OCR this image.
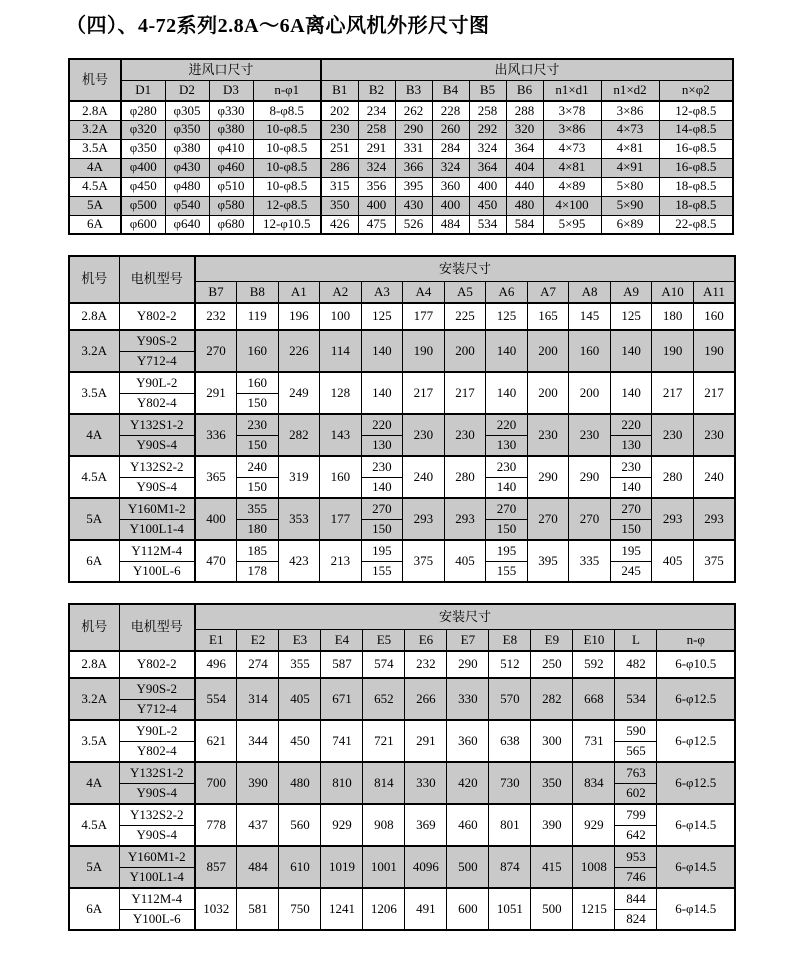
（四）、4-72系列2.8A～6A离心风机外形尺寸图
机号	进风口尺寸				出风口尺寸								
	D1	D2	D3	n-φ1	B1	B2	B3	B4	B5	B6	n1×d1	n1×d2	n×φ2
2.8A	φ280	φ305	φ330	8-φ8.5	202	234	262	228	258	288	3×78	3×86	12-φ8.5
3.2A	φ320	φ350	φ380	10-φ8.5	230	258	290	260	292	320	3×86	4×73	14-φ8.5
3.5A	φ350	φ380	φ410	10-φ8.5	251	291	331	284	324	364	4×73	4×81	16-φ8.5
4A	φ400	φ430	φ460	10-φ8.5	286	324	366	324	364	404	4×81	4×91	16-φ8.5
4.5A	φ450	φ480	φ510	10-φ8.5	315	356	395	360	400	440	4×89	5×80	18-φ8.5
5A	φ500	φ540	φ580	12-φ8.5	350	400	430	400	450	480	4×100	5×90	18-φ8.5
6A	φ600	φ640	φ680	12-φ10.5	426	475	526	484	534	584	5×95	6×89	22-φ8.5
机号	电机型号	安装尺寸												
		B7	B8	A1	A2	A3	A4	A5	A6	A7	A8	A9	A10	A11
2.8A	Y802-2	232	119	196	100	125	177	225	125	165	145	125	180	160
3.2A	Y90S-2	270	160	226	114	140	190	200	140	200	160	140	190	190
	Y712-4													
3.5A	Y90L-2	291	160	249	128	140	217	217	140	200	200	140	217	217
	Y802-4		150											
4A	Y132S1-2	336	230	282	143	220	230	230	220	230	230	220	230	230
	Y90S-4		150			130			130			130		
4.5A	Y132S2-2	365	240	319	160	230	240	280	230	290	290	230	280	240
	Y90S-4		150			140			140			140		
5A	Y160M1-2	400	355	353	177	270	293	293	270	270	270	270	293	293
	Y100L1-4		180			150			150			150		
6A	Y112M-4	470	185	423	213	195	375	405	195	395	335	195	405	375
	Y100L-6		178			155			155			245		
机号	电机型号	安装尺寸											
		E1	E2	E3	E4	E5	E6	E7	E8	E9	E10	L	n-φ
2.8A	Y802-2	496	274	355	587	574	232	290	512	250	592	482	6-φ10.5
3.2A	Y90S-2	554	314	405	671	652	266	330	570	282	668	534	6-φ12.5
	Y712-4												
3.5A	Y90L-2	621	344	450	741	721	291	360	638	300	731	590	6-φ12.5
	Y802-4											565	
4A	Y132S1-2	700	390	480	810	814	330	420	730	350	834	763	6-φ12.5
	Y90S-4											602	
4.5A	Y132S2-2	778	437	560	929	908	369	460	801	390	929	799	6-φ14.5
	Y90S-4											642	
5A	Y160M1-2	857	484	610	1019	1001	4096	500	874	415	1008	953	6-φ14.5
	Y100L1-4											746	
6A	Y112M-4	1032	581	750	1241	1206	491	600	1051	500	1215	844	6-φ14.5
	Y100L-6											824	
